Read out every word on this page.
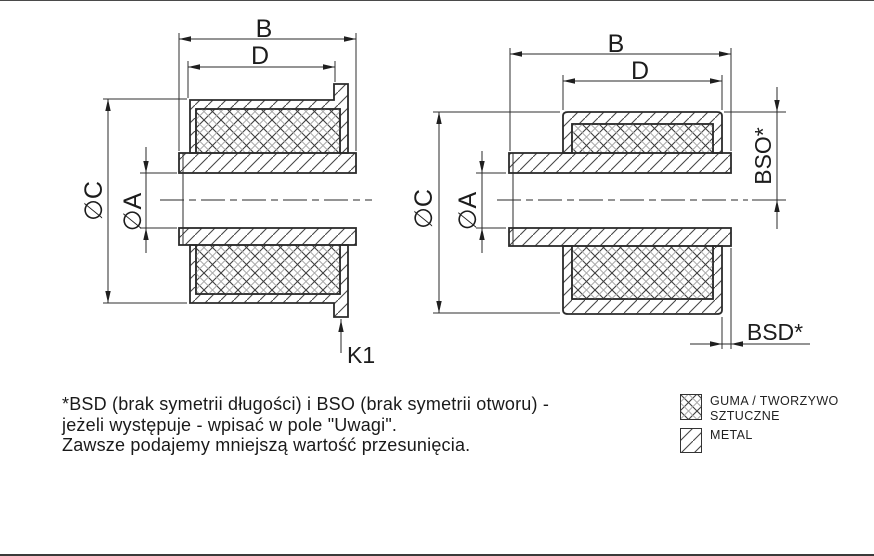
B
D
∅C ∅A
K1
B
D
∅C ∅A
BSO*
BSD*
*BSD (brak symetrii długości) i BSO (brak symetrii otworu) -
jeżeli występuje - wpisać w pole "Uwagi".
Zawsze podajemy mniejszą wartość przesunięcia.
GUMA / TWORZYWO SZTUCZNE
METAL
